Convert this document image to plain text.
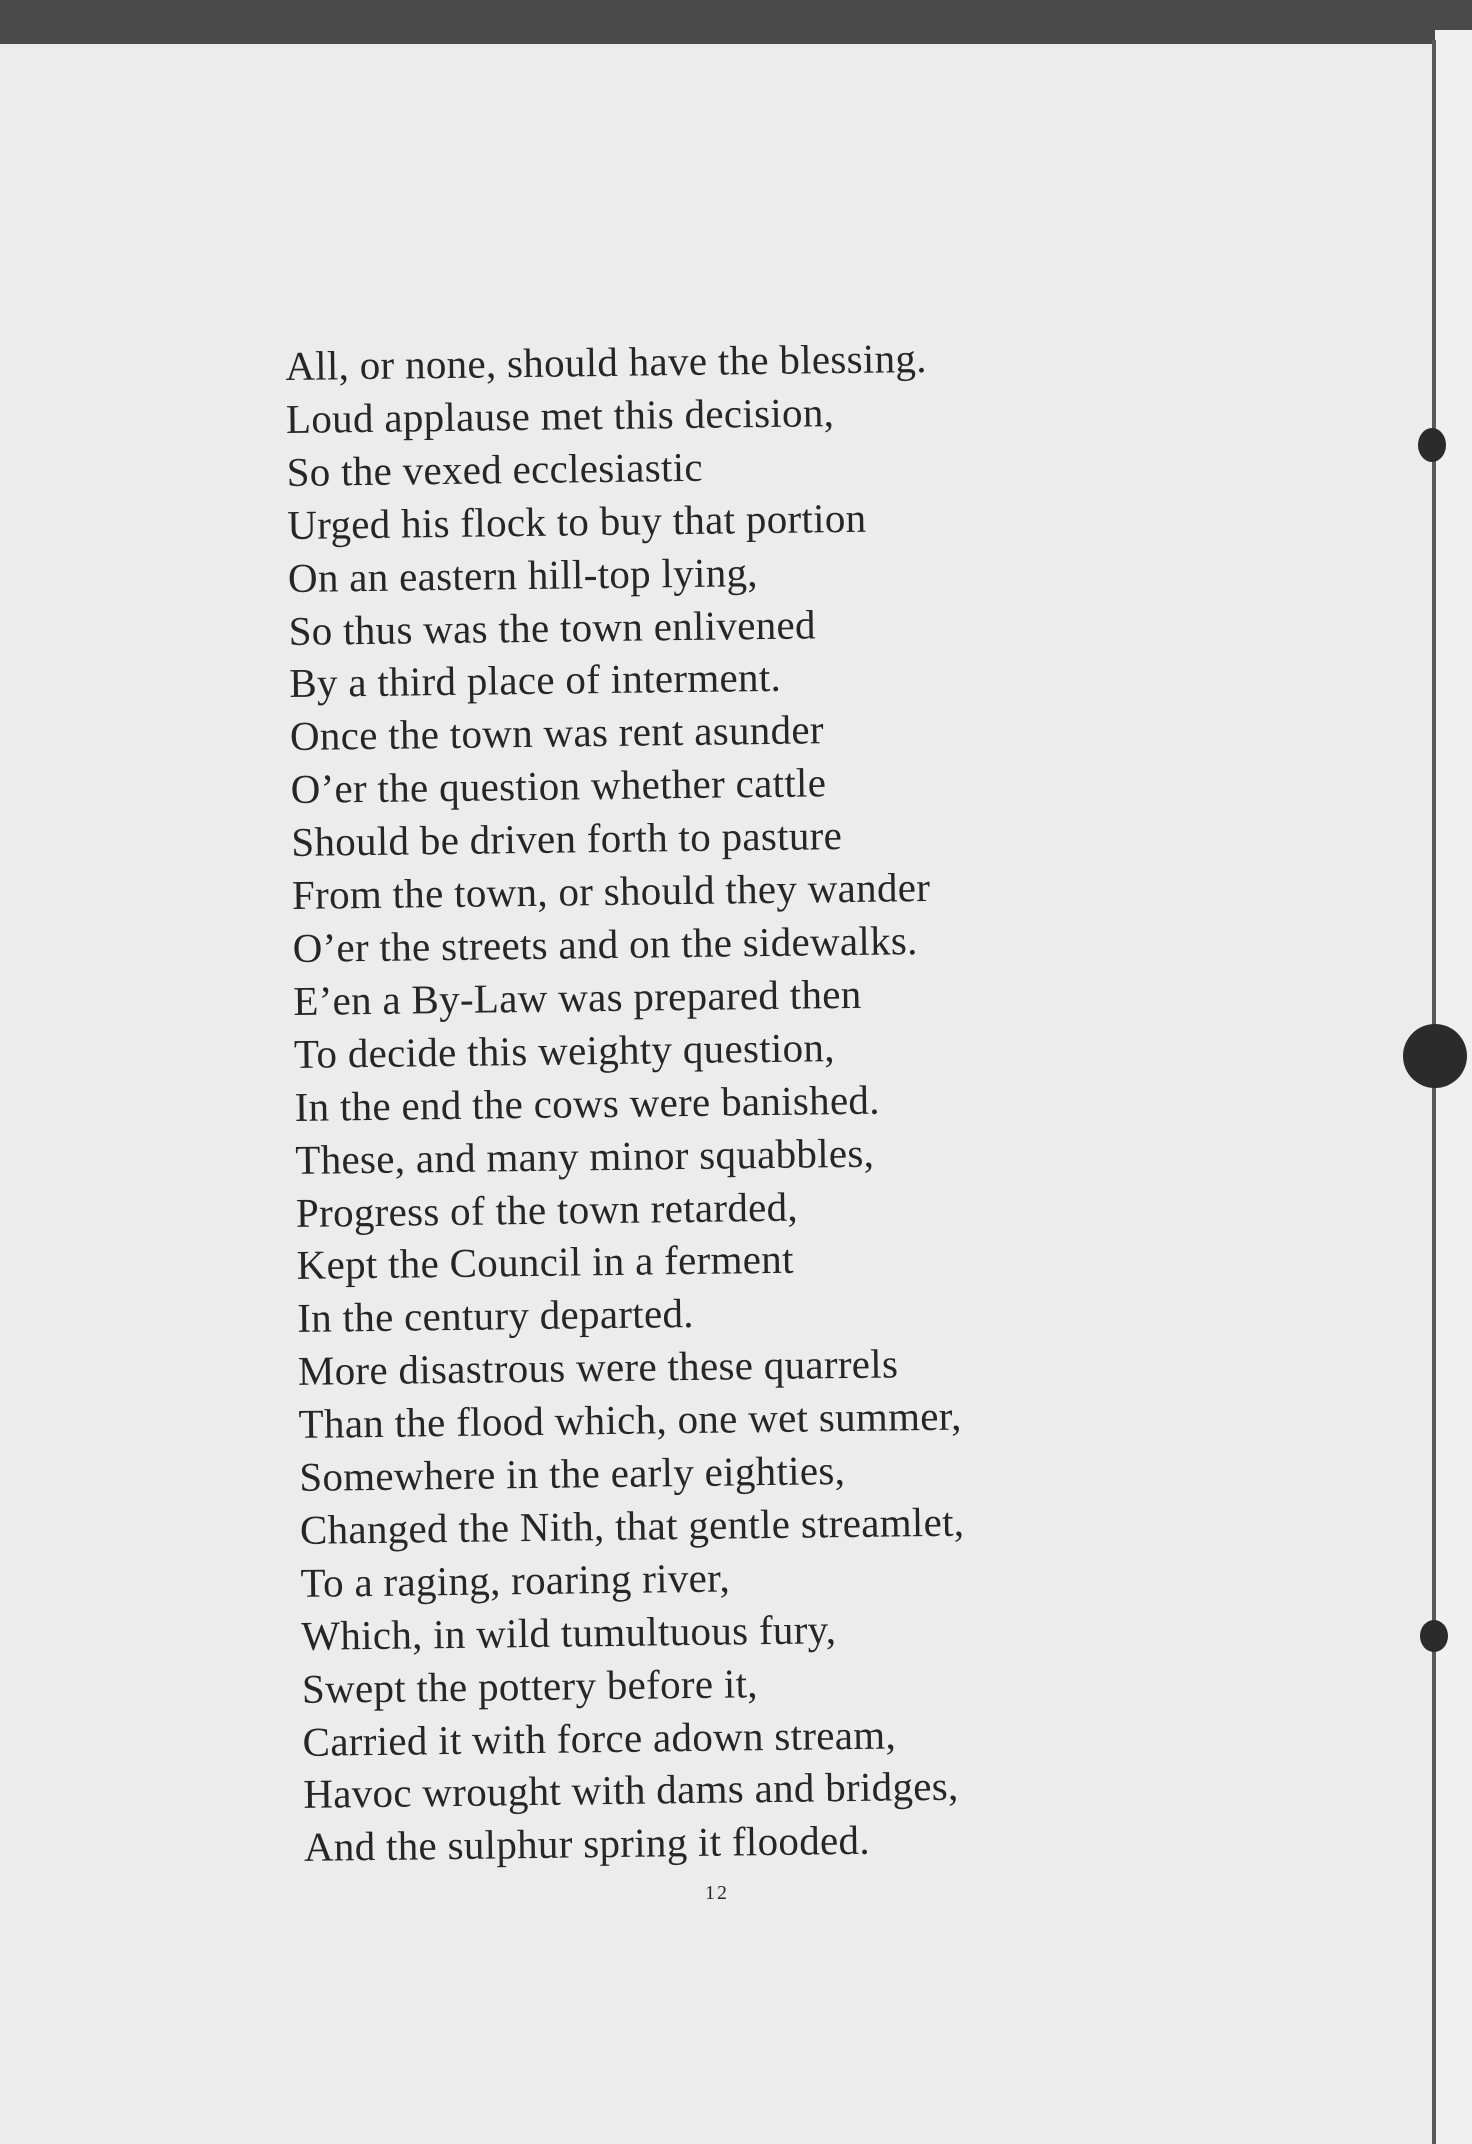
All, or none, should have the blessing.
Loud applause met this decision,
So the vexed ecclesiastic
Urged his flock to buy that portion
On an eastern hill-top lying,
So thus was the town enlivened
By a third place of interment.
Once the town was rent asunder
O’er the question whether cattle
Should be driven forth to pasture
From the town, or should they wander
O’er the streets and on the sidewalks.
E’en a By-Law was prepared then
To decide this weighty question,
In the end the cows were banished.
These, and many minor squabbles,
Progress of the town retarded,
Kept the Council in a ferment
In the century departed.
More disastrous were these quarrels
Than the flood which, one wet summer,
Somewhere in the early eighties,
Changed the Nith, that gentle streamlet,
To a raging, roaring river,
Which, in wild tumultuous fury,
Swept the pottery before it,
Carried it with force adown stream,
Havoc wrought with dams and bridges,
And the sulphur spring it flooded.
12
